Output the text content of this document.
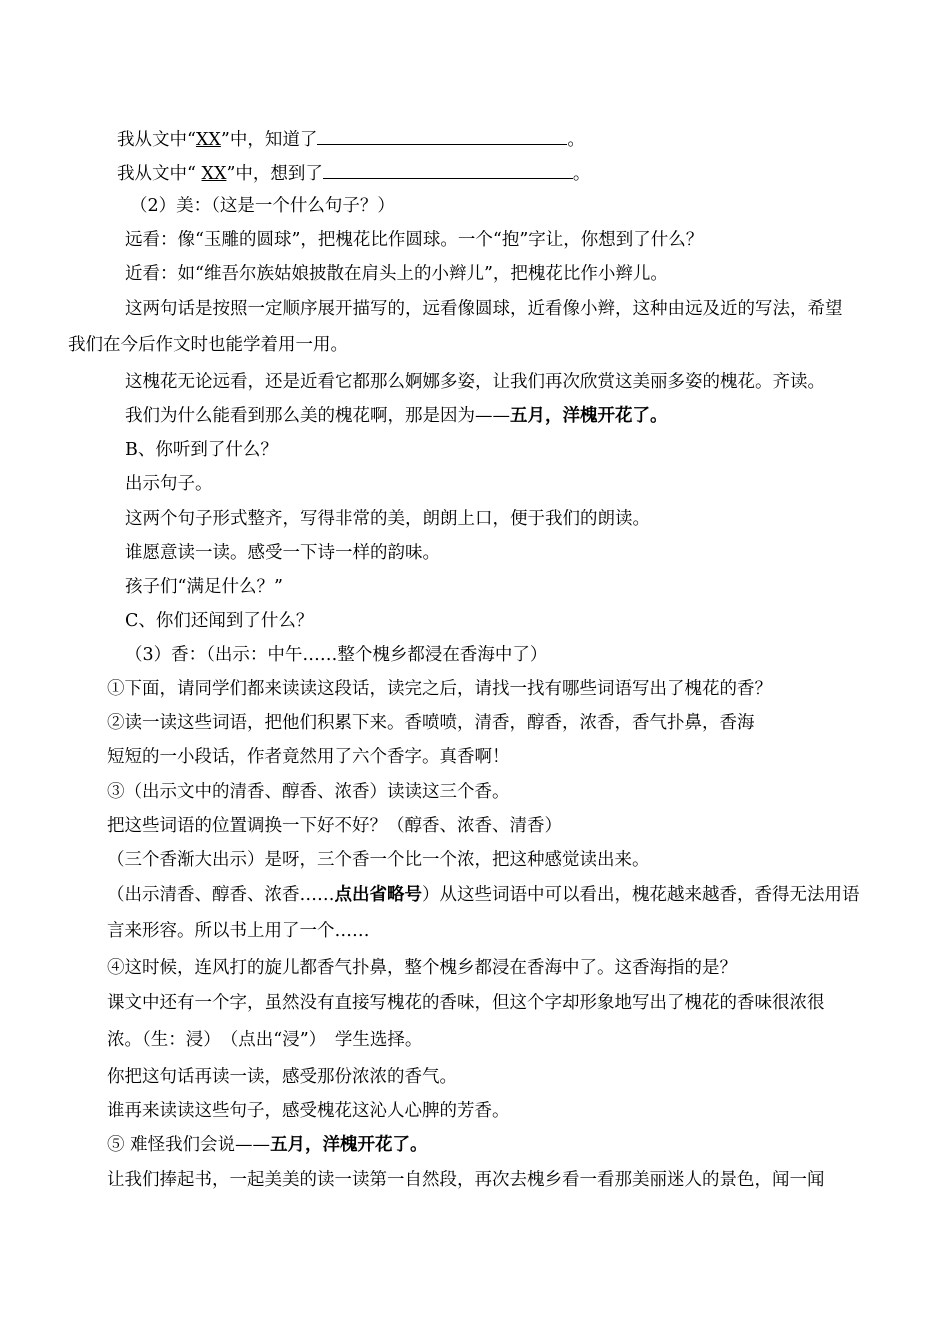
我从文中“XX”中，知道了	。
我从文中“ XX”中，想到了	。
（2）美：（这是一个什么句子？）
远看：像“玉雕的圆球”，把槐花比作圆球。一个“抱”字让，你想到了什么？
近看：如“维吾尔族姑娘披散在肩头上的小辫儿”，把槐花比作小辫儿。
这两句话是按照一定顺序展开描写的，远看像圆球，近看像小辫，这种由远及近的写法，希望
我们在今后作文时也能学着用一用。
这槐花无论远看，还是近看它都那么婀娜多姿，让我们再次欣赏这美丽多姿的槐花。齐读。
我们为什么能看到那么美的槐花啊，那是因为——五月，洋槐开花了。
B、你听到了什么？
出示句子。
这两个句子形式整齐，写得非常的美，朗朗上口，便于我们的朗读。
谁愿意读一读。感受一下诗一样的韵味。
孩子们“满足什么？”
C、你们还闻到了什么？
（3）香：（出示：中午……整个槐乡都浸在香海中了）
①下面，请同学们都来读读这段话，读完之后，请找一找有哪些词语写出了槐花的香？
②读一读这些词语，把他们积累下来。香喷喷，清香，醇香，浓香，香气扑鼻，香海
短短的一小段话，作者竟然用了六个香字。真香啊！
③（出示文中的清香、醇香、浓香）读读这三个香。
把这些词语的位置调换一下好不好？（醇香、浓香、清香）
（三个香渐大出示）是呀，三个香一个比一个浓，把这种感觉读出来。
（出示清香、醇香、浓香……点出省略号）从这些词语中可以看出，槐花越来越香，香得无法用语
言来形容。所以书上用了一个……
④这时候，连风打的旋儿都香气扑鼻，整个槐乡都浸在香海中了。这香海指的是？
课文中还有一个字，虽然没有直接写槐花的香味，但这个字却形象地写出了槐花的香味很浓很
浓。（生：浸）　（点出“浸”）　学生选择。
你把这句话再读一读，感受那份浓浓的香气。
谁再来读读这些句子，感受槐花这沁人心脾的芳香。
⑤ 难怪我们会说——五月，洋槐开花了。
让我们捧起书，一起美美的读一读第一自然段，再次去槐乡看一看那美丽迷人的景色，闻一闻
